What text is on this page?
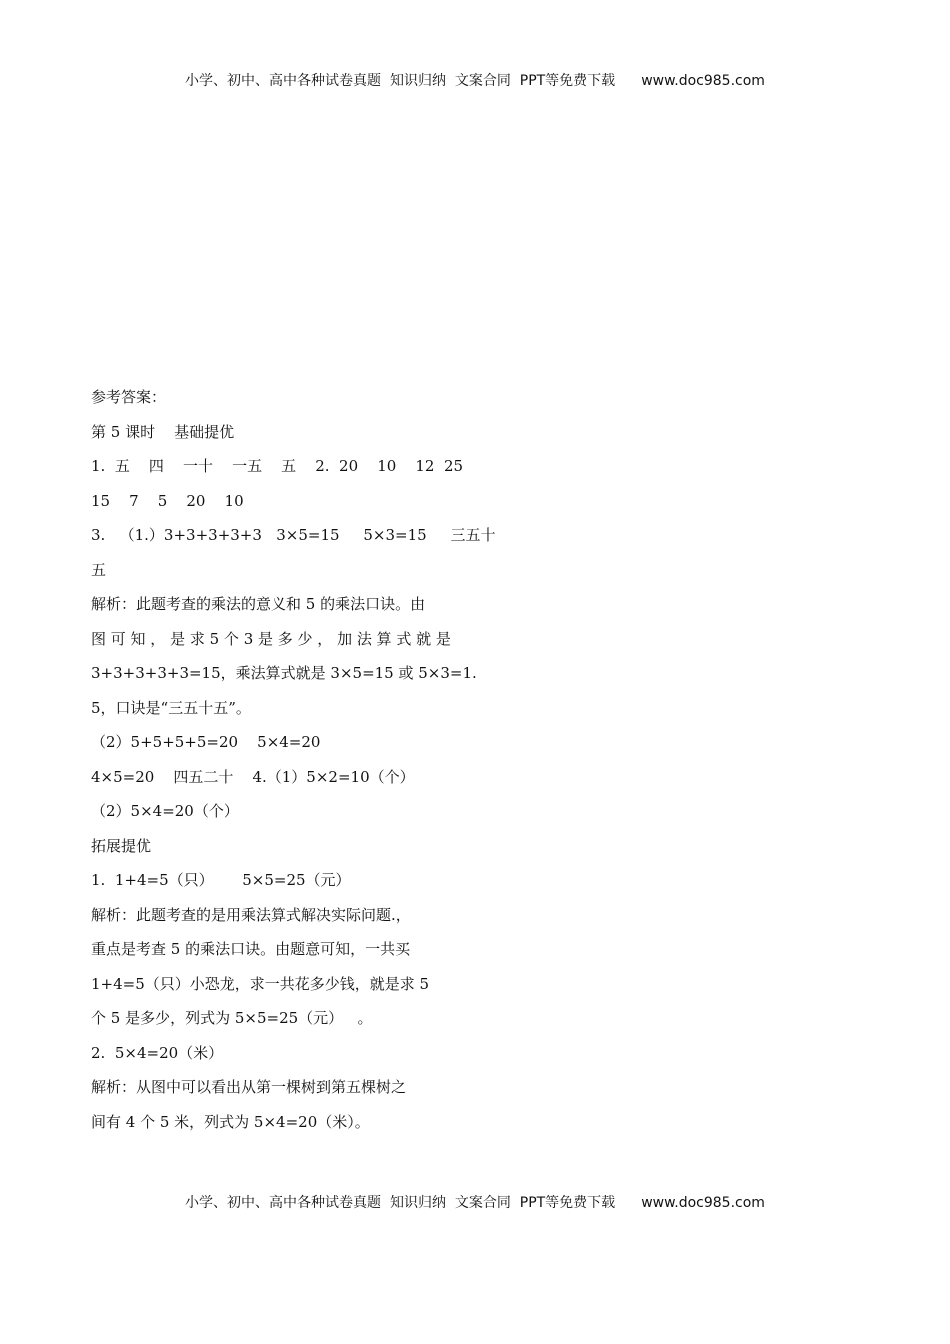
小学、初中、高中各种试卷真题  知识归纳  文案合同  PPT等免费下载 www.doc985.com
参考答案：
第 5 课时    基础提优
1.  五    四    一十    一五    五    2.  20    10    12  25
15    7    5    20    10
3.   （1.）3+3+3+3+3   3×5=15     5×3=15     三五十
五
解析：此题考查的乘法的意义和 5 的乘法口诀。由
图 可 知 ， 是 求 5 个 3 是 多 少 ， 加 法 算 式 就 是
3+3+3+3+3=15，乘法算式就是 3×5=15 或 5×3=1.
5，口诀是“三五十五”。
（2）5+5+5+5=20    5×4=20
4×5=20    四五二十    4.（1）5×2=10（个）
（2）5×4=20（个）
拓展提优
1.  1+4=5（只）      5×5=25（元）
解析：此题考查的是用乘法算式解决实际问题.，
重点是考查 5 的乘法口诀。由题意可知，一共买
1+4=5（只）小恐龙，求一共花多少钱，就是求 5
个 5 是多少，列式为 5×5=25（元）   。
2.  5×4=20（米）
解析：从图中可以看出从第一棵树到第五棵树之
间有 4 个 5 米，列式为 5×4=20（米）。
小学、初中、高中各种试卷真题  知识归纳  文案合同  PPT等免费下载 www.doc985.com
